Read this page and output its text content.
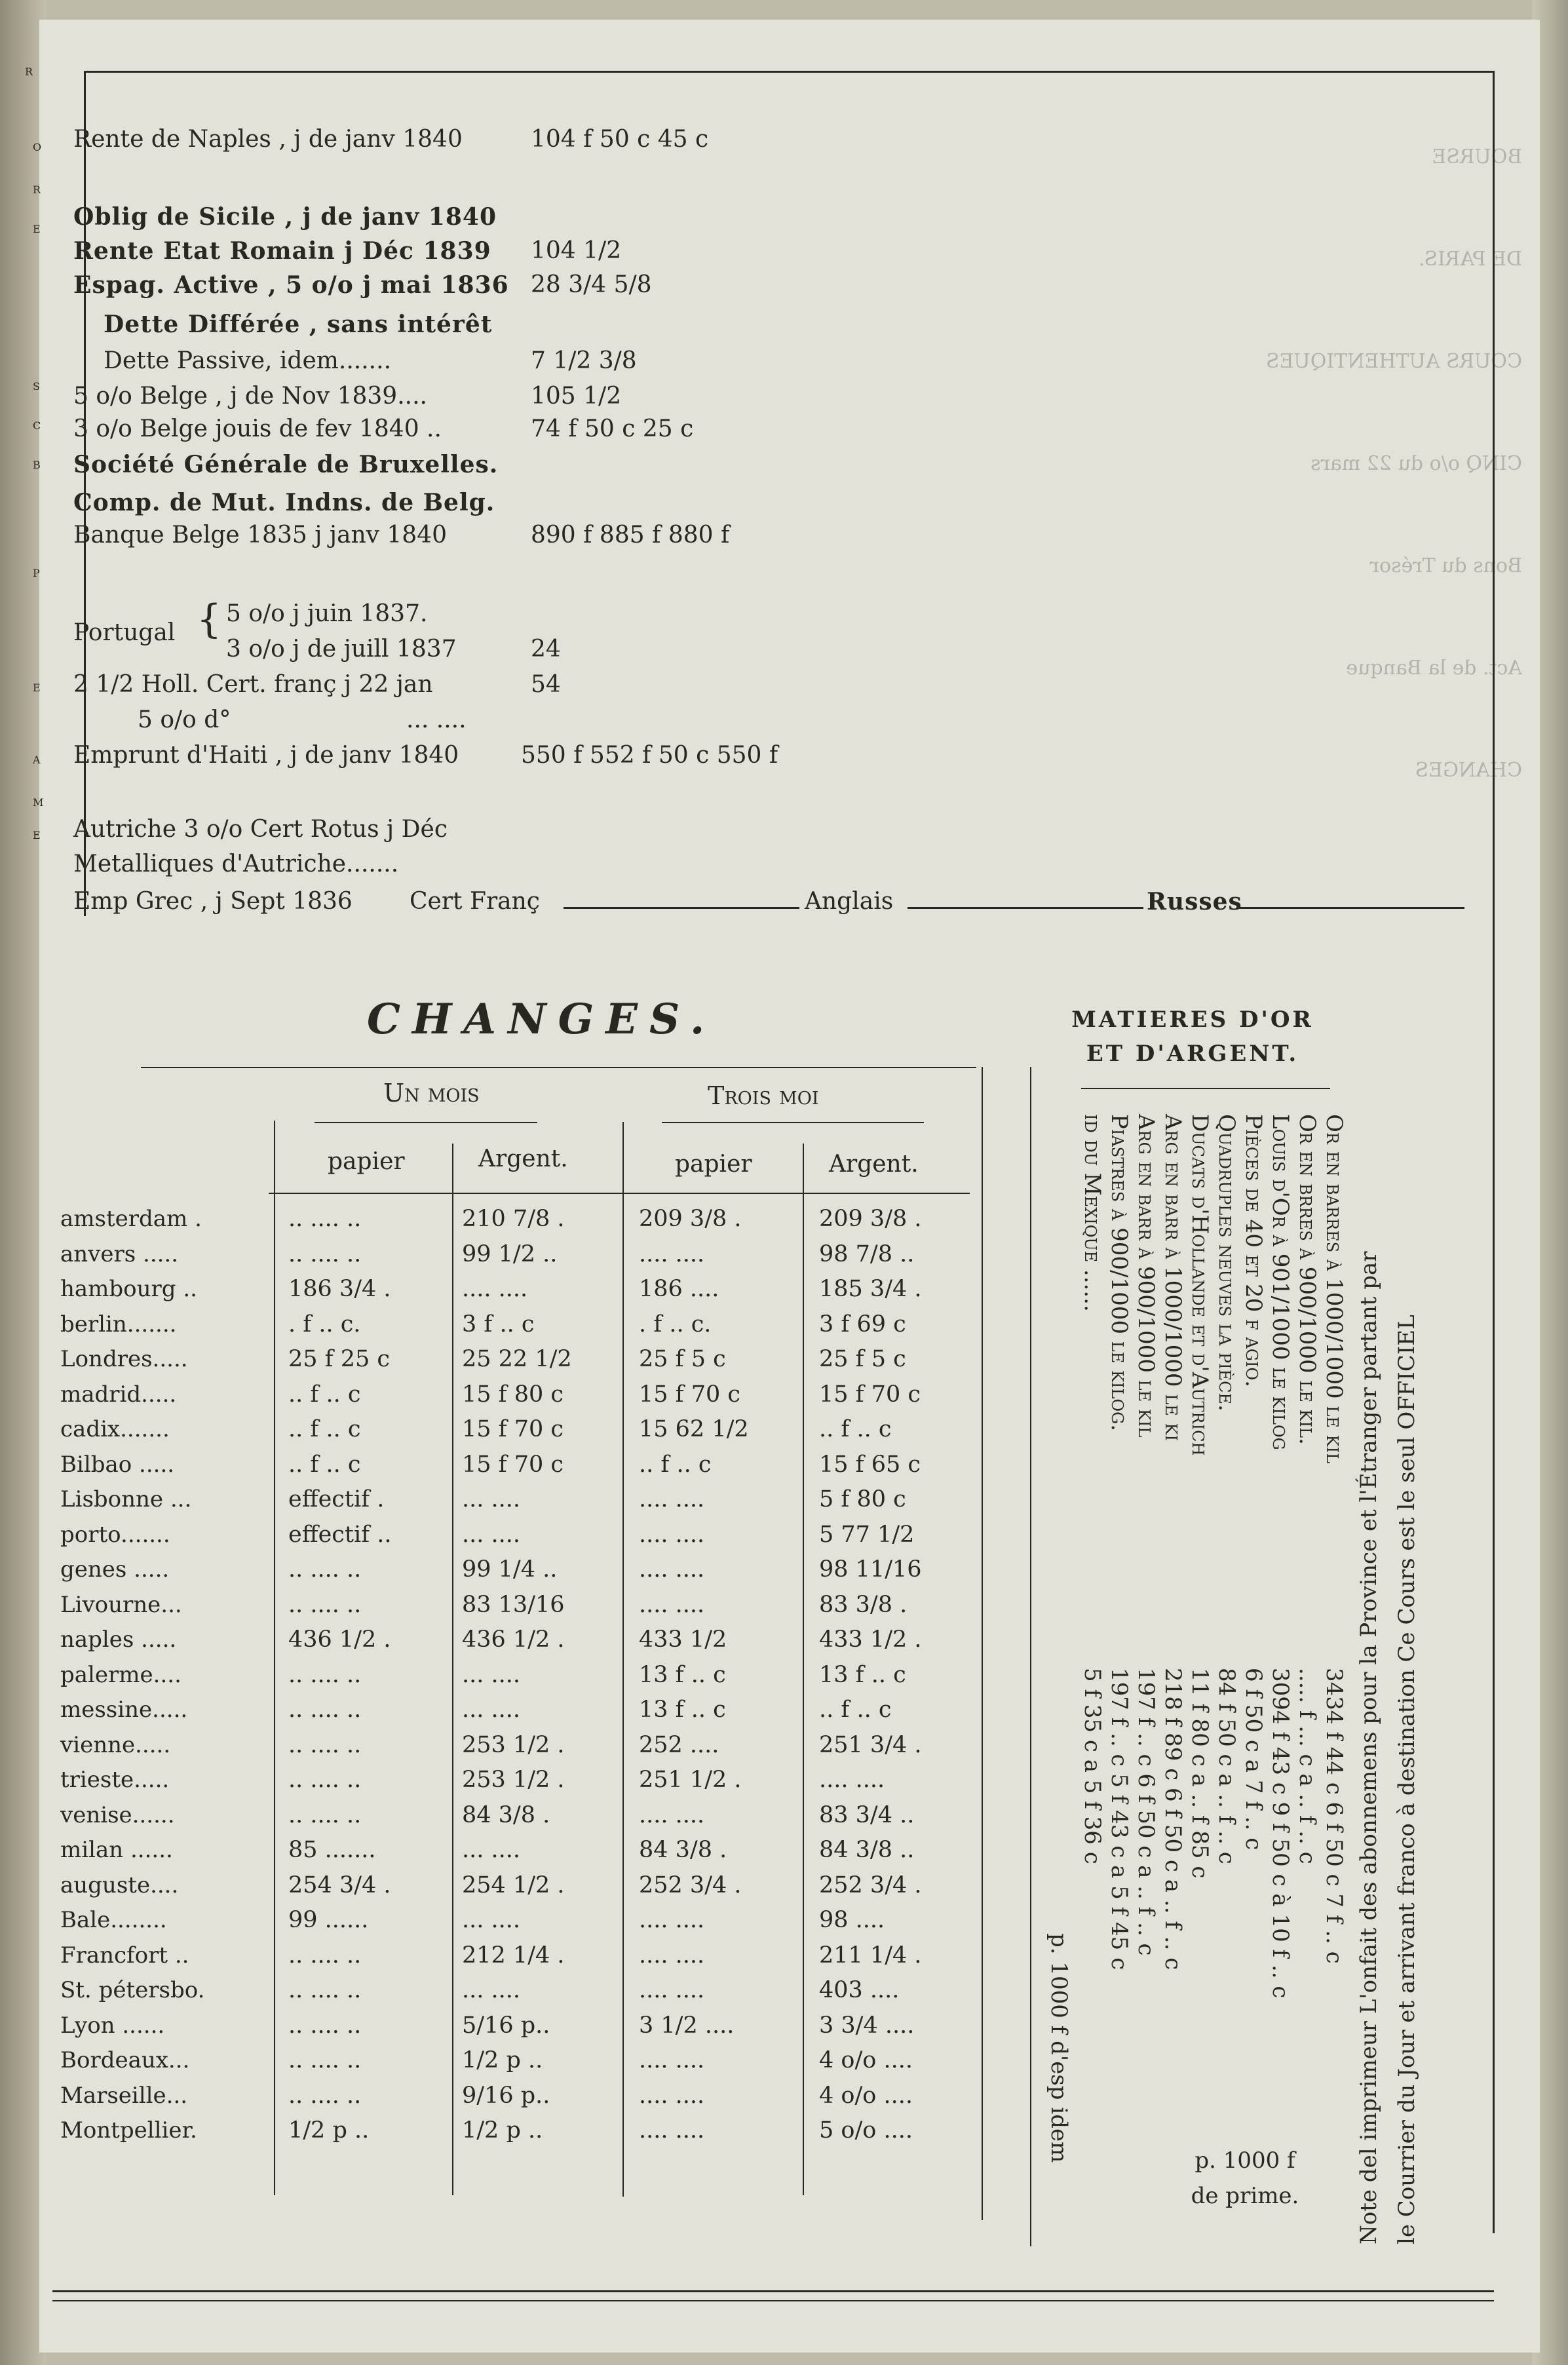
BOURSE

DE PARIS.

COURS AUTHENTIQUES

CINQ o/o du 22 mars

Bons du Trésor

Act. de la Banque

CHANGES

R
O
R
E
S
C
B
P
E
A
M
E
Rente de Naples , j de janv 1840	104 f 50 c 45 c
Oblig de Sicile , j de janv 1840
Rente Etat Romain j Déc 1839 104 1/2
Espag. Active , 5 o/o j mai 1836 28 3/4 5/8
Dette Différée , sans intérêt
Dette Passive, idem.......	7 1/2 3/8
5 o/o Belge , j de Nov 1839....	105 1/2
3 o/o Belge jouis de fev 1840 ..	74 f 50 c 25 c
Société Générale de Bruxelles.
Comp. de Mut. Indns. de Belg.
Banque Belge 1835 j janv 1840	890 f 885 f 880 f
Portugal { 5 o/o j juin 1837.
3 o/o j de juill 1837	24
2 1/2 Holl. Cert. franç j 22 jan	54
5 o/o d°	... ....
Emprunt d'Haiti , j de janv 1840	550 f 552 f 50 c 550 f
Autriche 3 o/o Cert Rotus j Déc
Metalliques d'Autriche.......
Emp Grec , j Sept 1836 Cert Franç	Anglais	Russes
CHANGES.
Un mois	Trois moi
papier	Argent.	papier	Argent.
amsterdam .	.. .... ..	210 7/8 .	209 3/8 .	209 3/8 .
anvers .....	.. .... ..	99 1/2 ..	.... ....	98 7/8 ..
hambourg ..	186 3/4 .	.... ....	186 ....	185 3/4 .
berlin.......	. f .. c.	3 f .. c	. f .. c.	3 f 69 c
Londres.....	25 f 25 c	25 22 1/2	25 f 5 c	25 f 5 c
madrid.....	.. f .. c	15 f 80 c	15 f 70 c	15 f 70 c
cadix.......	.. f .. c	15 f 70 c	15 62 1/2	.. f .. c
Bilbao .....	.. f .. c	15 f 70 c	.. f .. c	15 f 65 c
Lisbonne ...	effectif .	... ....	.... ....	5 f 80 c
porto.......	effectif ..	... ....	.... ....	5 77 1/2
genes .....	.. .... ..	99 1/4 ..	.... ....	98 11/16
Livourne...	.. .... ..	83 13/16	.... ....	83 3/8 .
naples .....	436 1/2 .	436 1/2 .	433 1/2	433 1/2 .
palerme....	.. .... ..	... ....	13 f .. c	13 f .. c
messine.....	.. .... ..	... ....	13 f .. c	.. f .. c
vienne.....	.. .... ..	253 1/2 .	252 ....	251 3/4 .
trieste.....	.. .... ..	253 1/2 .	251 1/2 .	.... ....
venise......	.. .... ..	84 3/8 .	.... ....	83 3/4 ..
milan ......	85 .......	... ....	84 3/8 .	84 3/8 ..
auguste....	254 3/4 .	254 1/2 .	252 3/4 .	252 3/4 .
Bale........	99 ......	... ....	.... ....	98 ....
Francfort ..	.. .... ..	212 1/4 .	.... ....	211 1/4 .
St. pétersbo.	.. .... ..	... ....	.... ....	403 ....
Lyon ......	.. .... ..	5/16 p..	3 1/2 ....	3 3/4 ....
Bordeaux...	.. .... ..	1/2 p ..	.... ....	4 o/o ....
Marseille...	.. .... ..	9/16 p..	.... ....	4 o/o ....
Montpellier.	1/2 p ..	1/2 p ..	.... ....	5 o/o ....
MATIERES D'OR
ET D'ARGENT.
Or en barres à 1000/1000 le kil
3434 f 44 c 6 f 50 c 7 f .. c
Or en brres à 900/1000 le kil.
..... f ... c a .. f .. c
Louis d'Or à 901/1000 le kilog
3094 f 43 c 9 f 50 c à 10 f .. c
Pièces de 40 et 20 f agio.
6 f 50 c a 7 f .. c
Quadruples neuves la pièce.
84 f 50 c a .. f .. c
Ducats d'Hollande et d'Autrich
11 f 80 c a .. f 85 c
Arg en barr à 1000/1000 le ki
218 f 89 c 6 f 50 c a .. f .. c
Arg en barr à 900/1000 le kil
197 f .. c 6 f 50 c a .. f .. c
Piastres à 900/1000 le kilog.
197 f .. c 5 f 43 c a 5 f 45 c
id du Mexique ......
5 f 35 c a 5 f 36 c
p. 1000 f d'esp idem	p. 1000 f de prime.	Note del imprimeur L'onfait des abonnemens pour la Province et l'Étranger partant par le Courrier du Jour et arrivant franco à destination Ce Cours est le seul OFFICIEL
